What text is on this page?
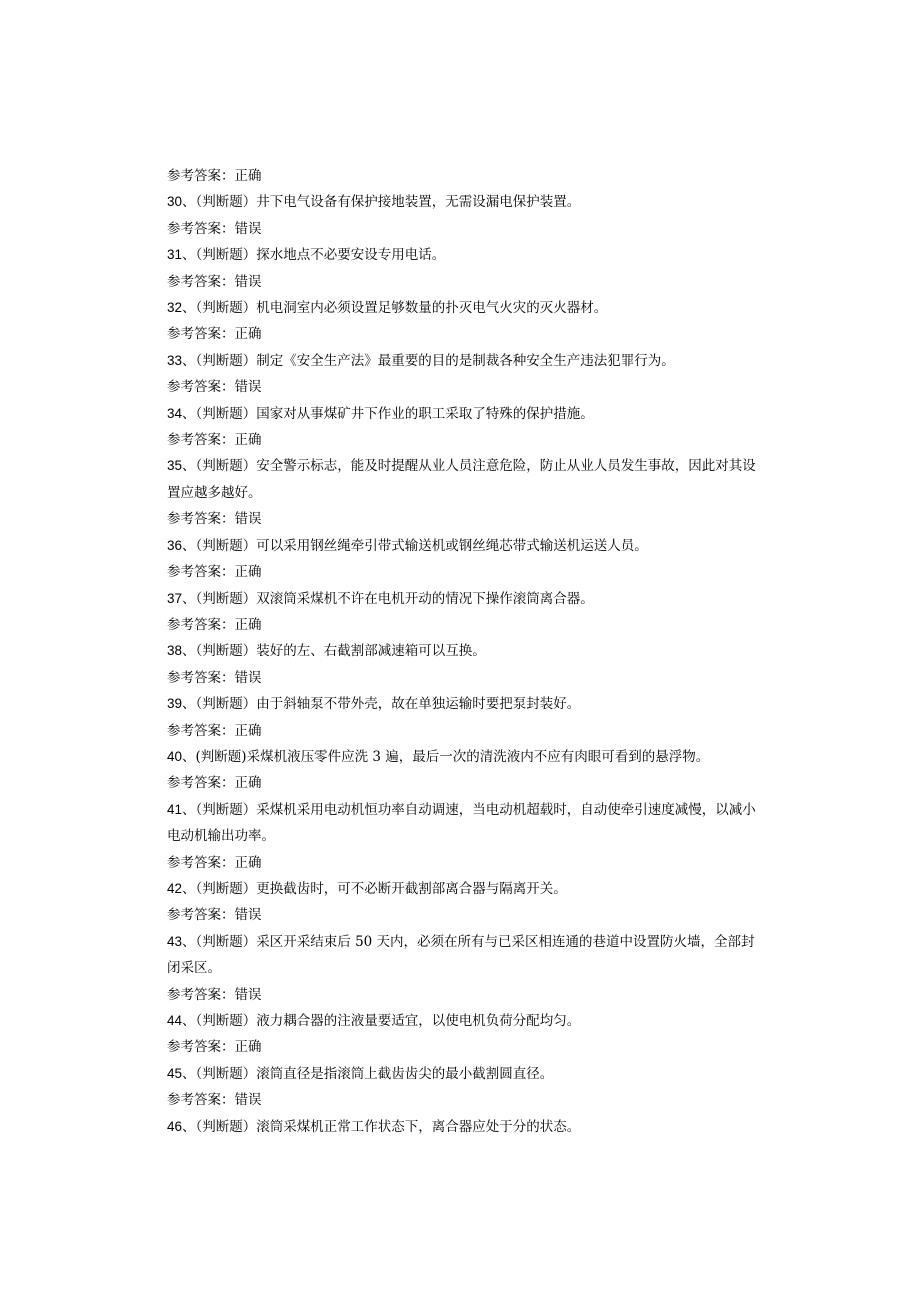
参考答案：正确
30、（判断题）井下电气设备有保护接地装置，无需设漏电保护装置。
参考答案：错误
31、（判断题）探水地点不必要安设专用电话。
参考答案：错误
32、（判断题）机电洞室内必须设置足够数量的扑灭电气火灾的灭火器材。
参考答案：正确
33、（判断题）制定《安全生产法》最重要的目的是制裁各种安全生产违法犯罪行为。
参考答案：错误
34、（判断题）国家对从事煤矿井下作业的职工采取了特殊的保护措施。
参考答案：正确
35、（判断题）安全警示标志，能及时提醒从业人员注意危险，防止从业人员发生事故，因此对其设置应越多越好。
参考答案：错误
36、（判断题）可以采用钢丝绳牵引带式输送机或钢丝绳芯带式输送机运送人员。
参考答案：正确
37、（判断题）双滚筒采煤机不许在电机开动的情况下操作滚筒离合器。
参考答案：正确
38、（判断题）装好的左、右截割部减速箱可以互换。
参考答案：错误
39、（判断题）由于斜轴泵不带外壳，故在单独运输时要把泵封装好。
参考答案：正确
40、(判断题)采煤机液压零件应洗 3 遍，最后一次的清洗液内不应有肉眼可看到的悬浮物。
参考答案：正确
41、（判断题）采煤机采用电动机恒功率自动调速，当电动机超载时，自动使牵引速度减慢，以减小电动机输出功率。
参考答案：正确
42、（判断题）更换截齿时，可不必断开截割部离合器与隔离开关。
参考答案：错误
43、（判断题）采区开采结束后 50 天内，必须在所有与已采区相连通的巷道中设置防火墙，全部封闭采区。
参考答案：错误
44、（判断题）液力耦合器的注液量要适宜，以使电机负荷分配均匀。
参考答案：正确
45、（判断题）滚筒直径是指滚筒上截齿齿尖的最小截割圆直径。
参考答案：错误
46、（判断题）滚筒采煤机正常工作状态下，离合器应处于分的状态。
